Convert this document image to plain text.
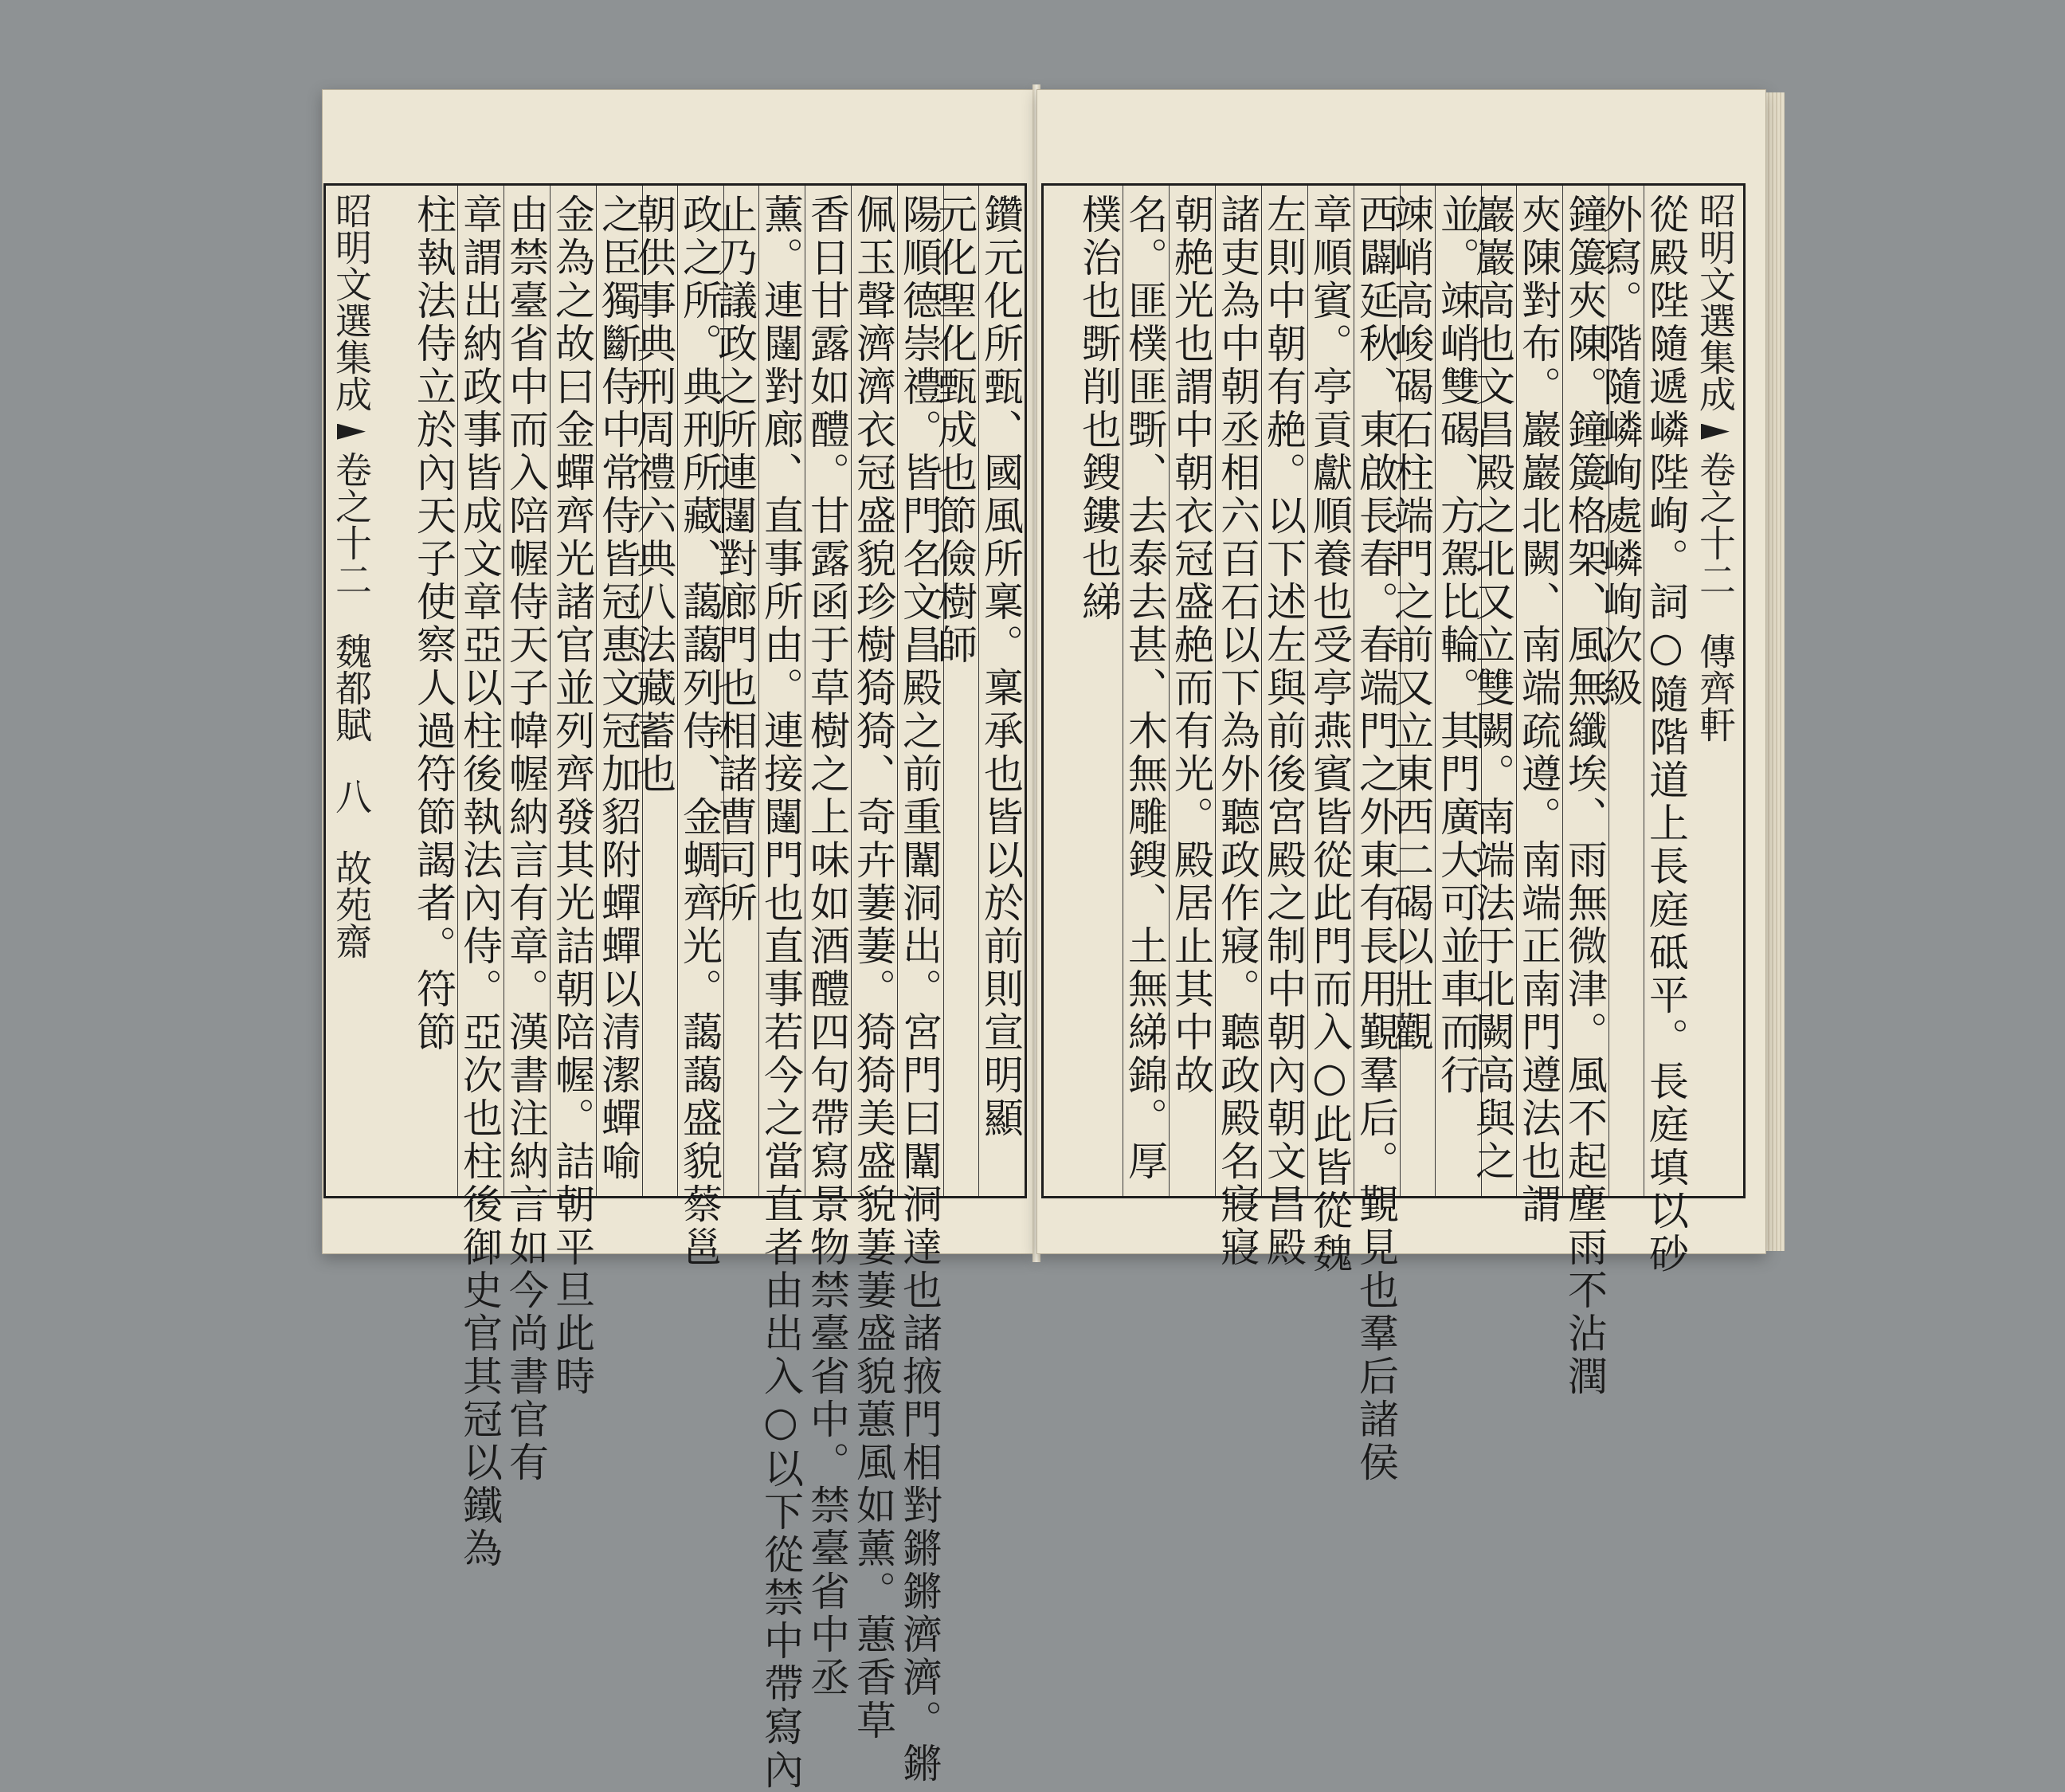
昭明文選集成  卷之十二   魏都賦   八   故苑齋	鑽元化所甄、國風所稟。稟承也皆以於前則宣明顯
元化聖化甄成也節儉樹師
陽順德崇禮。皆門名文昌殿之前重闈洞出。宮門曰闈洞達也諸掖門相對鏘鏘濟濟。鏘
佩玉聲濟濟衣冠盛貌珍樹猗猗、奇卉萋萋。猗猗美盛貌萋萋盛貌蕙風如薰。蕙香草
香日甘露如醴。甘露函于草樹之上味如酒醴四句帶寫景物禁臺省中。禁臺省中丞
薰。連闥對廊、直事所由。連接闥門也直事若今之當直者由出入○以下從禁中帶寫內
止乃議政之所連闥對廊門也相諸曹司所
政之所。典刑所藏、藹藹列侍、金蜩齊光。藹藹盛貌蔡邕
朝供事典刑周禮六典八法藏蓄也
之臣獨斷侍中常侍皆冠惠文冠加貂附蟬蟬以清潔蟬喻
金為之故曰金蟬齊光諸官並列齊發其光詰朝陪幄。詰朝平旦此時
由禁臺省中而入陪幄侍天子幃幄納言有章。漢書注納言如今尚書官有
章謂出納政事皆成文章亞以柱後執法內侍。亞次也柱後御史官其冠以鐵為
柱執法侍立於內天子使察人過符節謁者。符節	從殿陛隨遞嶙陛峋。詞○隨階道上長庭砥平。長庭填以砂
外寫。階隨嶙峋處嶙峋次級
鐘簴夾陳。鐘簴格架、風無纖埃、雨無微津。風不起塵雨不沾潤
夾陳對布。巖巖北闕、南端疏遵。南端正南門遵法也謂
巖巖高也文昌殿之北又立雙闕。南端法于北闕高與之
並。竦峭雙碣、方駕比輪。其門廣大可並車而行
竦峭高峻碣石柱端門之前又立東西二碣以壯觀
西闢延秋、東啟長春。春端門之外東有長用覲羣后。覲見也羣后諸侯
章順賓。亭貢獻順養也受亭燕賓皆從此門而入○此皆從魏
左則中朝有赩。以下述左與前後宮殿之制中朝內朝文昌殿
諸吏為中朝丞相六百石以下為外聽政作寢。聽政殿名寢寢
朝赩光也謂中朝衣冠盛赩而有光。殿居止其中故
名。匪樸匪斲、去泰去甚、木無雕鎪、土無綈錦。厚
樸治也斲削也鎪鏤也綈	昭明文選集成  卷之十二   傳齊軒
